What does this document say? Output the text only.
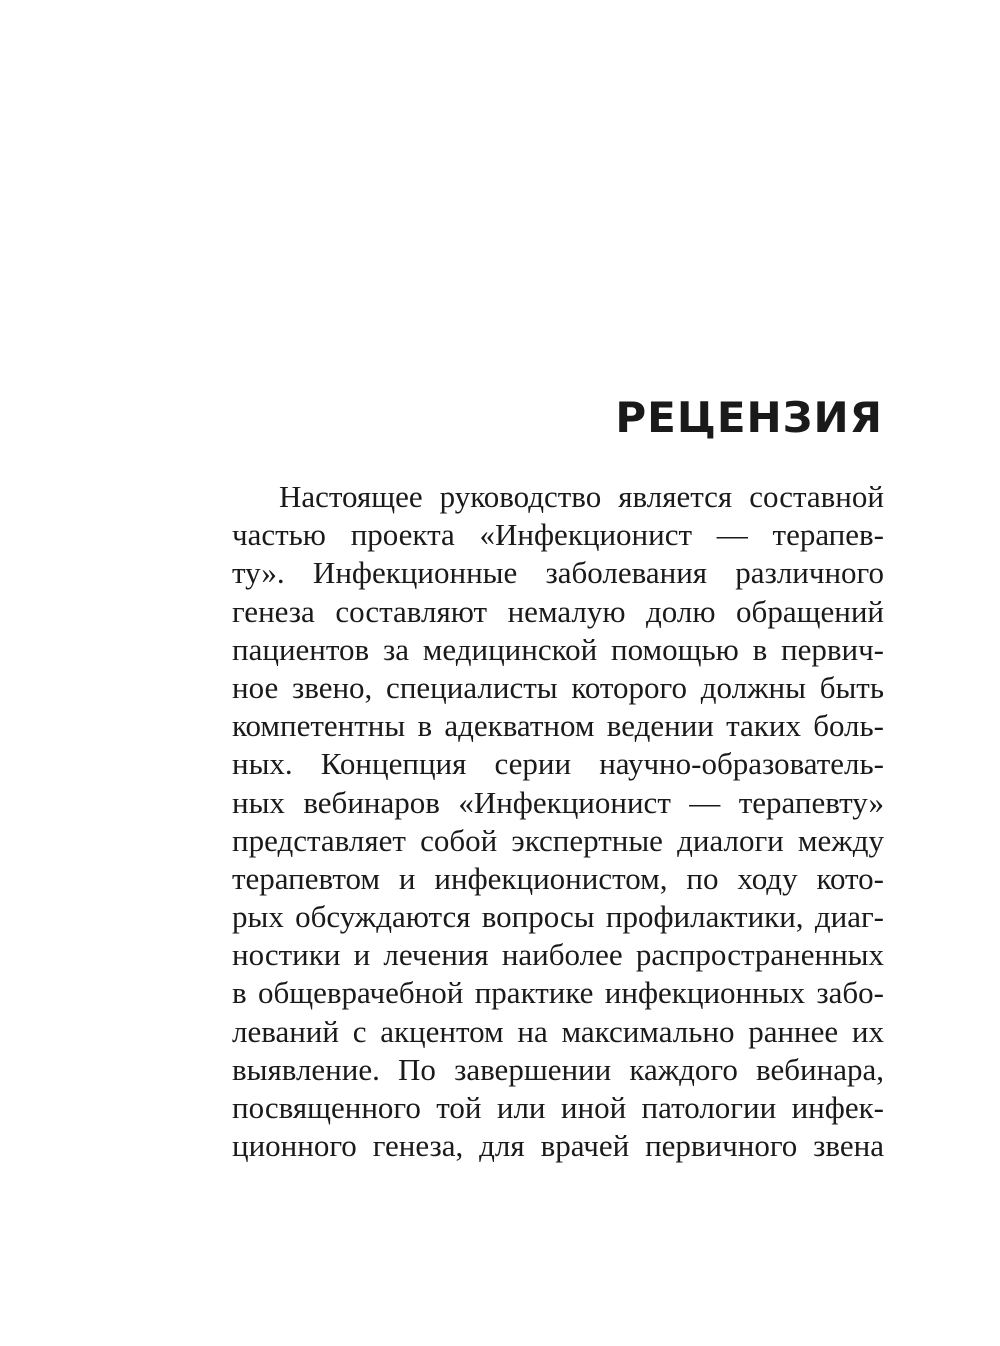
РЕЦЕНЗИЯ
Настоящее руководство является составной
частью проекта «Инфекционист — терапев-
ту». Инфекционные заболевания различного
генеза составляют немалую долю обращений
пациентов за медицинской помощью в первич-
ное звено, специалисты которого должны быть
компетентны в адекватном ведении таких боль-
ных. Концепция серии научно-образователь-
ных вебинаров «Инфекционист — терапевту»
представляет собой экспертные диалоги между
терапевтом и инфекционистом, по ходу кото-
рых обсуждаются вопросы профилактики, диаг-
ностики и лечения наиболее распространенных
в общеврачебной практике инфекционных забо-
леваний с акцентом на максимально раннее их
выявление. По завершении каждого вебинара,
посвященного той или иной патологии инфек-
ционного генеза, для врачей первичного звена
